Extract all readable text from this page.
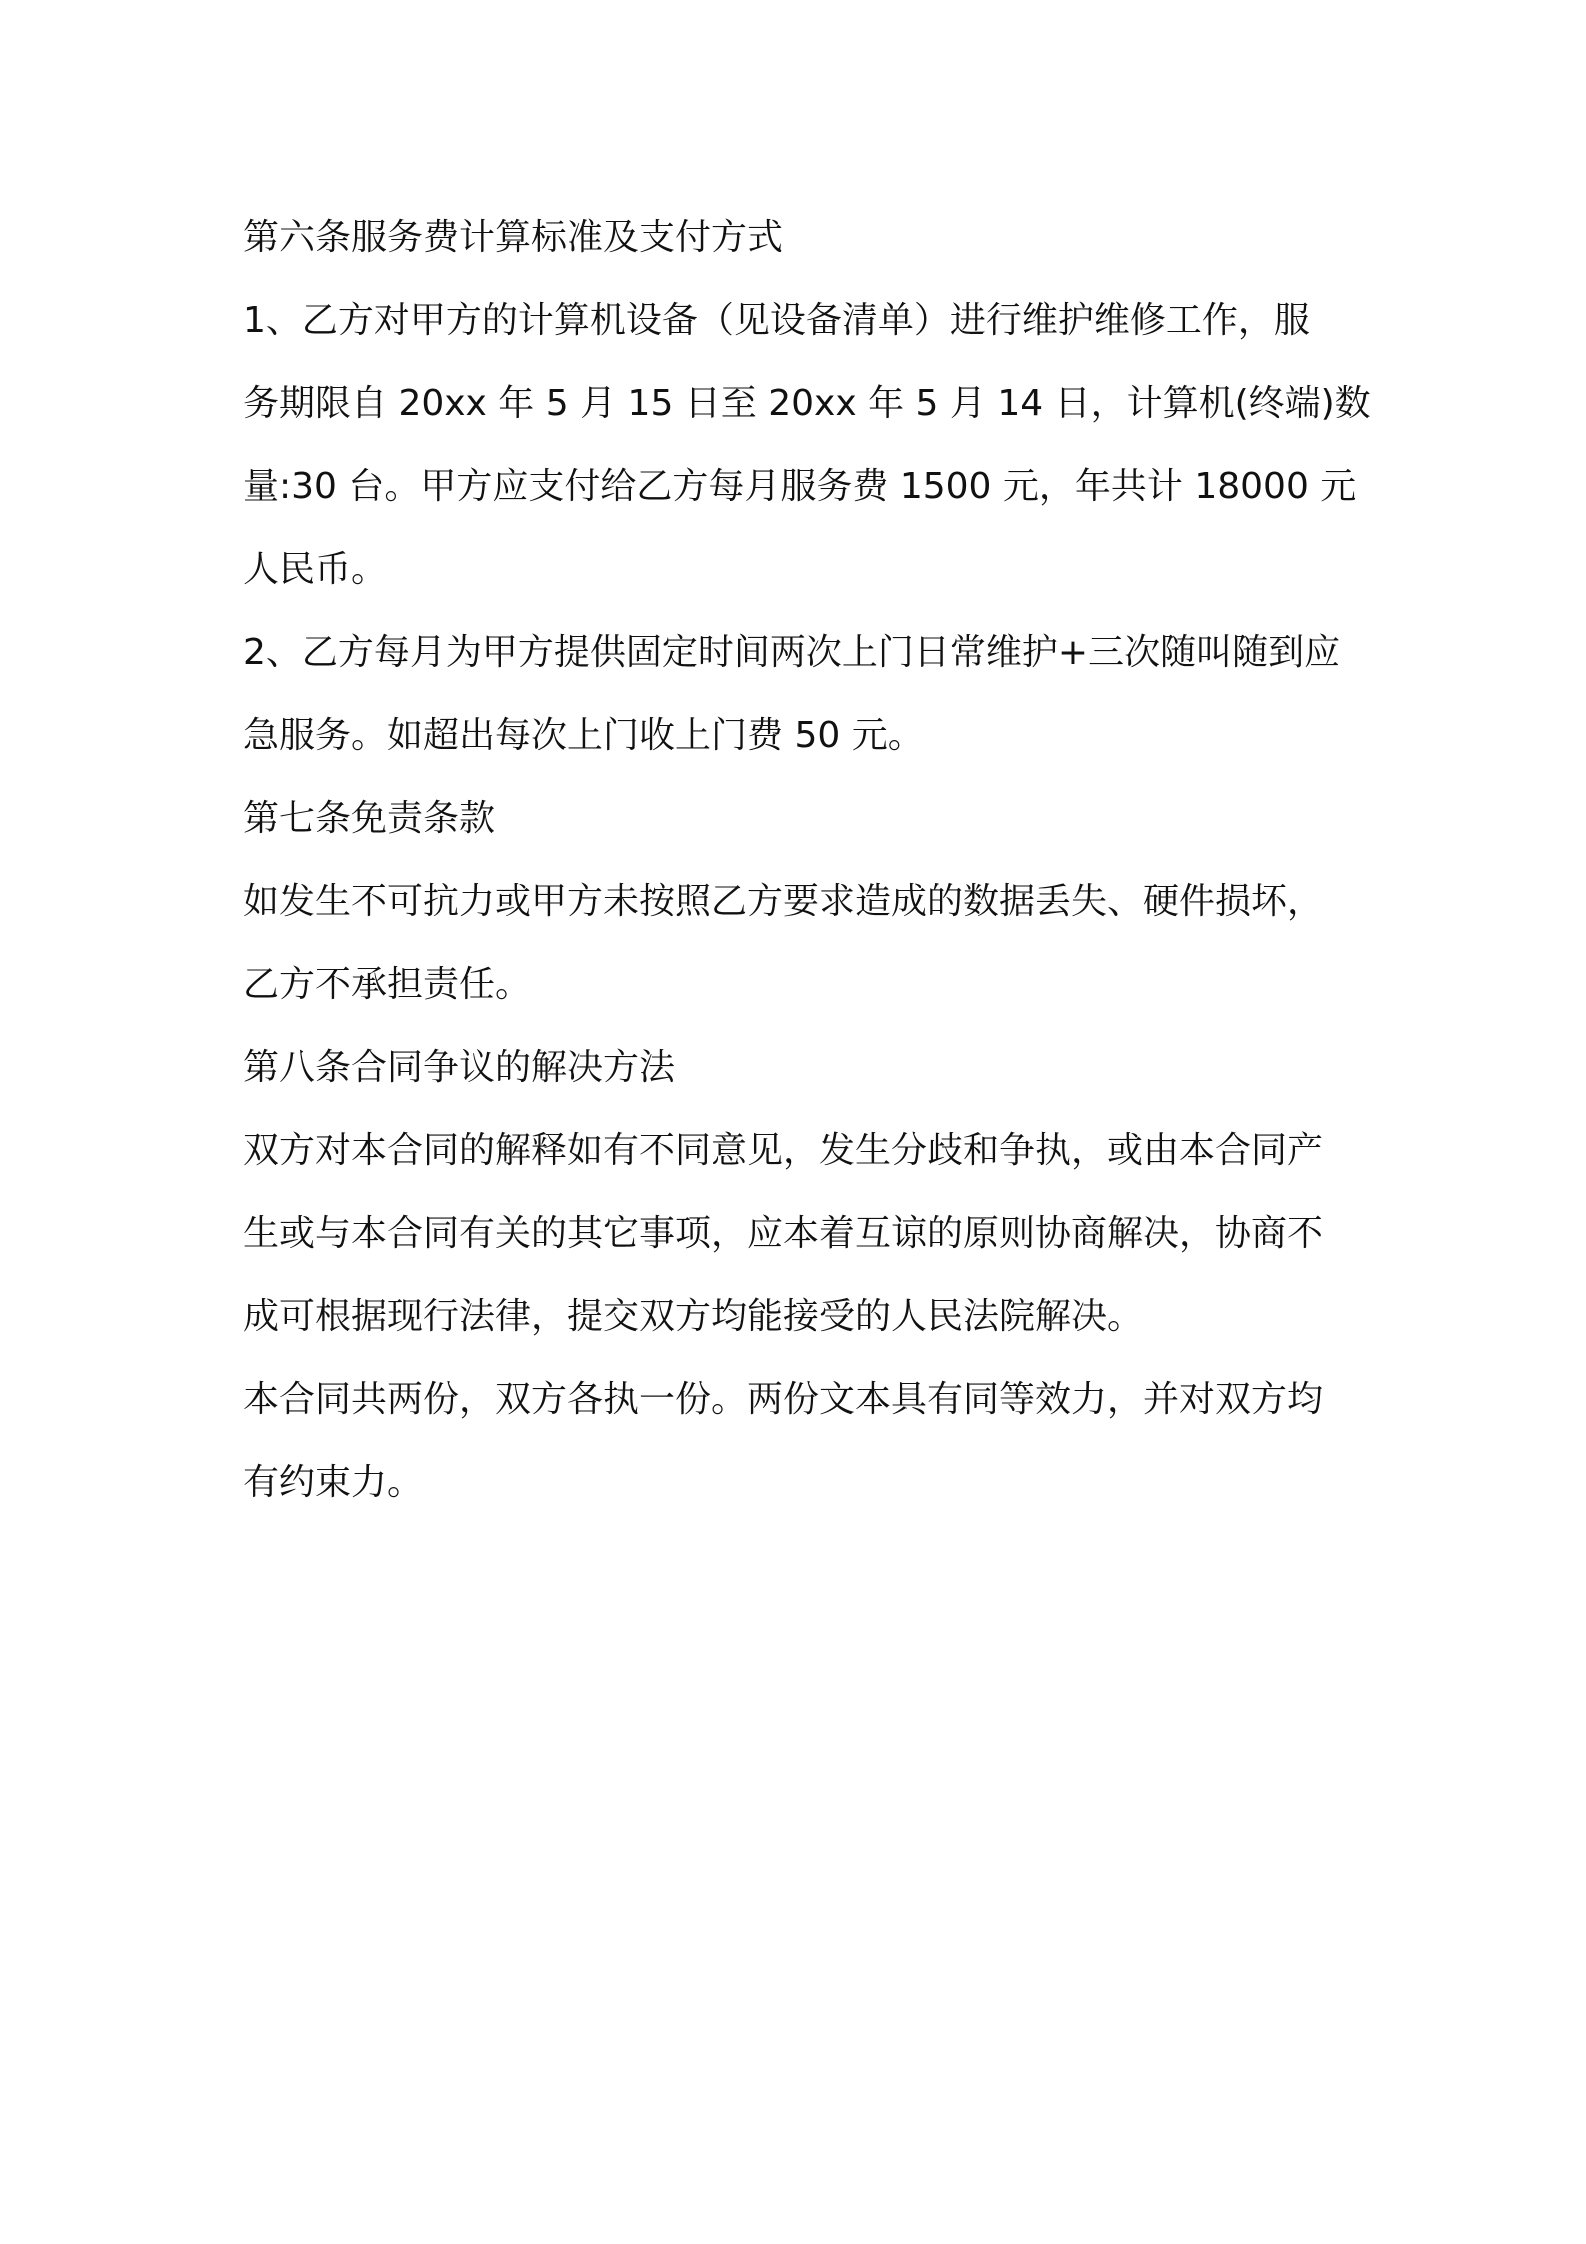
第六条服务费计算标准及支付方式
1、乙方对甲方的计算机设备（见设备清单）进行维护维修工作，服
务期限自 20xx 年 5 月 15 日至 20xx 年 5 月 14 日，计算机(终端)数
量:30 台。甲方应支付给乙方每月服务费 1500 元，年共计 18000 元
人民币。
2、乙方每月为甲方提供固定时间两次上门日常维护+三次随叫随到应
急服务。如超出每次上门收上门费 50 元。
第七条免责条款
如发生不可抗力或甲方未按照乙方要求造成的数据丢失、硬件损坏，
乙方不承担责任。
第八条合同争议的解决方法
双方对本合同的解释如有不同意见，发生分歧和争执，或由本合同产
生或与本合同有关的其它事项，应本着互谅的原则协商解决，协商不
成可根据现行法律，提交双方均能接受的人民法院解决。
本合同共两份，双方各执一份。两份文本具有同等效力，并对双方均
有约束力。
